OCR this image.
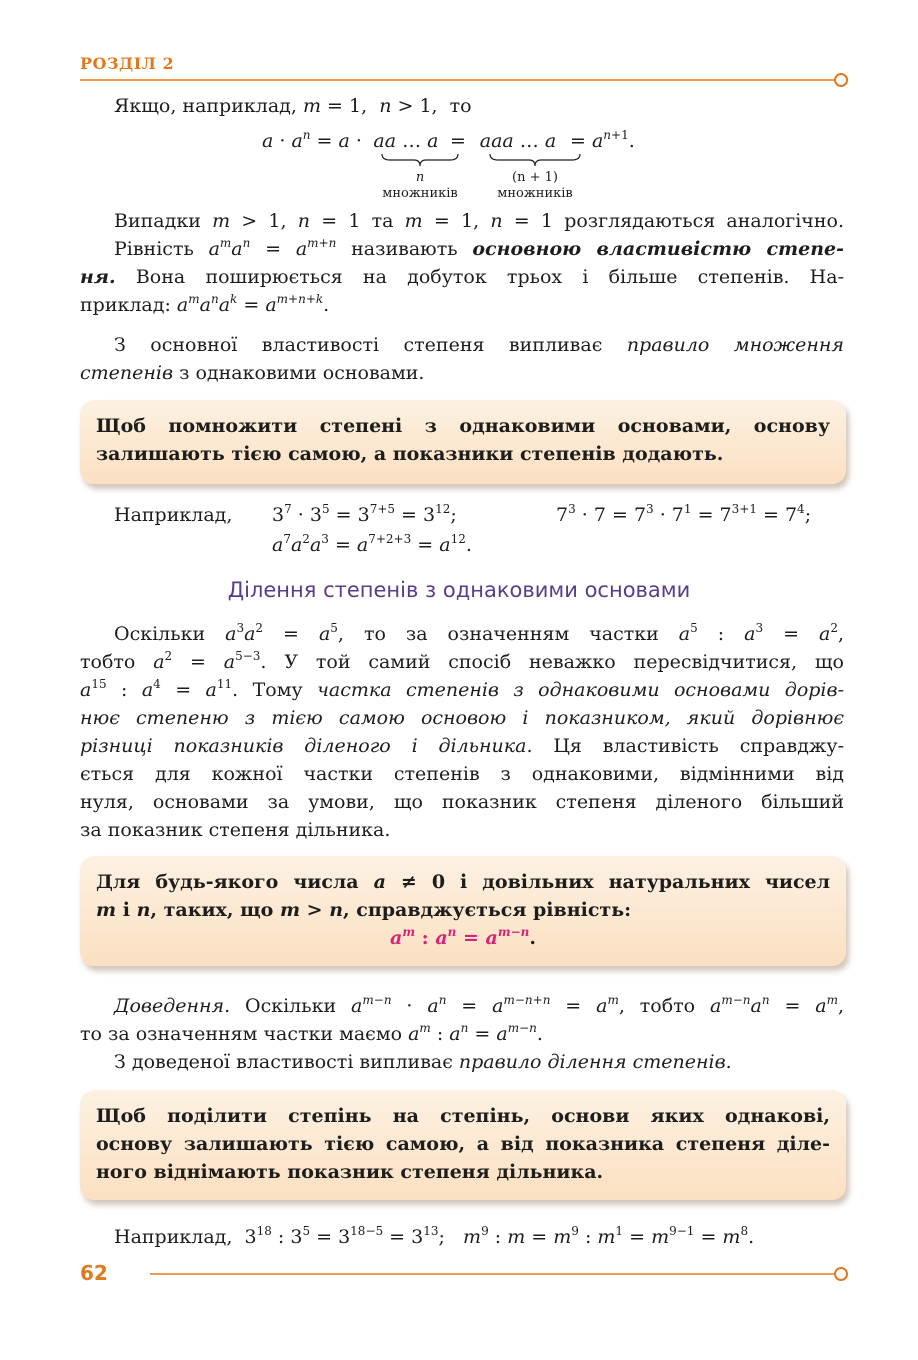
РОЗДІЛ 2

Якщо, наприклад, m = 1,  n > 1,  то

$a \cdot a^n = a$ · aa … a = aaa … $a = a^{n+1}$.
n
множників
(n + 1)
множників

Випадки m > 1, n = 1 та m = 1, n = 1 розглядаються аналогічно.

Рівність $a^ma^n = a^{m+n}$ називають основною властивістю степе-

ня. Вона поширюється на добуток трьох і більше степенів. На-

приклад: $a^ma^na^k = a^{m+n+k}$.

З основної властивості степеня випливає правило множення

степенів з однаковими основами.

Щоб помножити степені з однаковими основами, основу

залишають тією самою, а показники степенів додають.

Наприклад, $3^7 \cdot 3^5 = 3^{7+5} = 3^{12}$;	$7^3 \cdot 7 = 7^3 \cdot 7^1 = 7^{3+1} = 7^4$;
$a^7a^2a^3 = a^{7+2+3} = a^{12}$.
Ділення степенів з однаковими основами

Оскільки $a^3a^2 = a^5$, то за означенням частки $a^5$ : $a^3 = a^2$,

тобто $a^2 = a^{5-3}$. У той самий спосіб неважко пересвідчитися, що

$a^{15}$ : $a^4 = a^{11}$. Тому частка степенів з однаковими основами дорів-

нює степеню з тією самою основою і показником, який дорівнює

різниці показників діленого і дільника. Ця властивість справджу-

ється для кожної частки степенів з однаковими, відмінними від

нуля, основами за умови, що показник степеня діленого більший

за показник степеня дільника.

Для будь-якого числа a ≠ 0 і довільних натуральних чисел

m і n, таких, що m > n, справджується рівність:

$a^m$ : $a^n = a^{m-n}$.

Доведення. Оскільки $a^{m-n} \cdot a^n = a^{m-n+n} = a^m$, тобто $a^{m-n}a^n = a^m$,

то за означенням частки маємо $a^m$ : $a^n = a^{m-n}$.

З доведеної властивості випливає правило ділення степенів.

Щоб поділити степінь на степінь, основи яких однакові,

основу залишають тією самою, а від показника степеня діле-

ного віднімають показник степеня дільника.

Наприклад,  $3^{18}$ : $3^5 = 3^{18-5} = 3^{13}$;   $m^9$ : $m = m^9$ : $m^1 = m^{9-1} = m^8$.
62
